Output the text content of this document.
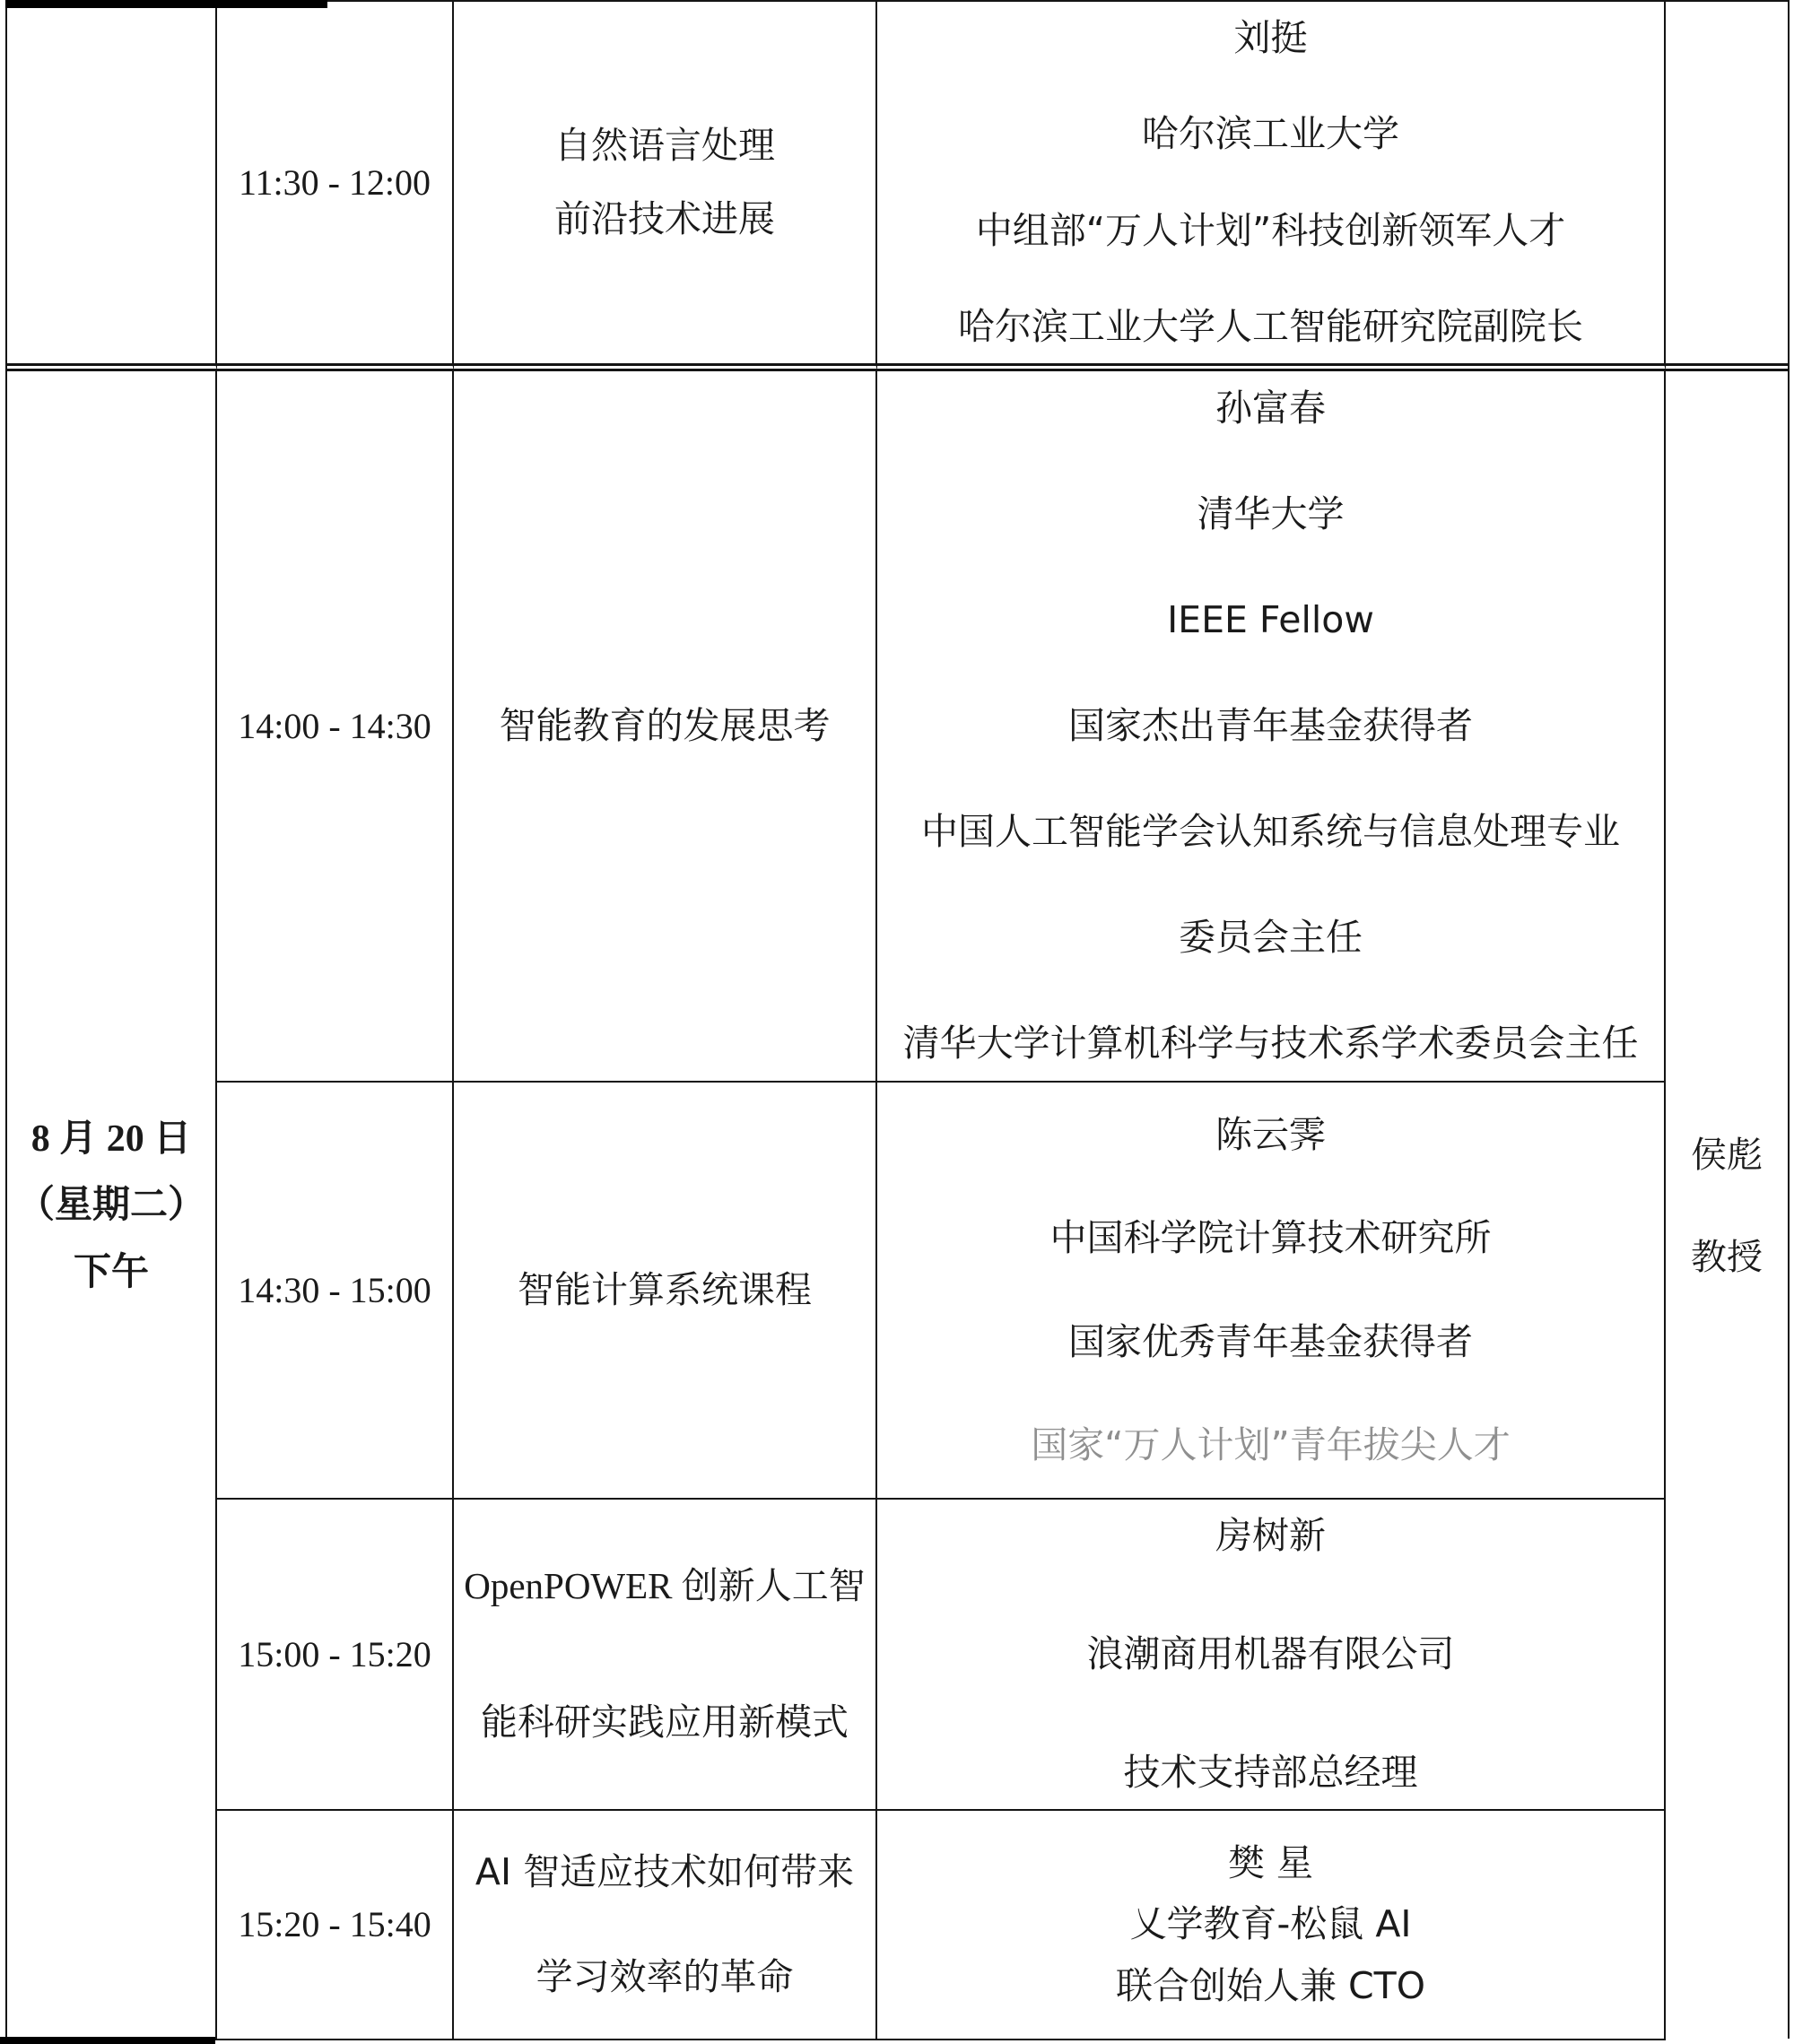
11:30 - 12:00
自然语言处理
前沿技术进展
刘挺
哈尔滨工业大学
中组部“万人计划”科技创新领军人才
哈尔滨工业大学人工智能研究院副院长
8 月 20 日
（星期二）
下午
14:00 - 14:30 智能教育的发展思考
孙富春
清华大学
IEEE Fellow
国家杰出青年基金获得者
中国人工智能学会认知系统与信息处理专业
委员会主任
清华大学计算机科学与技术系学术委员会主任
14:30 - 15:00 智能计算系统课程
陈云霁
中国科学院计算技术研究所
国家优秀青年基金获得者
国家“万人计划”青年拔尖人才
15:00 - 15:20
OpenPOWER 创新人工智
能科研实践应用新模式
房树新
浪潮商用机器有限公司
技术支持部总经理
15:20 - 15:40
AI 智适应技术如何带来
学习效率的革命
樊 星
乂学教育-松鼠 AI
联合创始人兼 CTO
侯彪
教授
